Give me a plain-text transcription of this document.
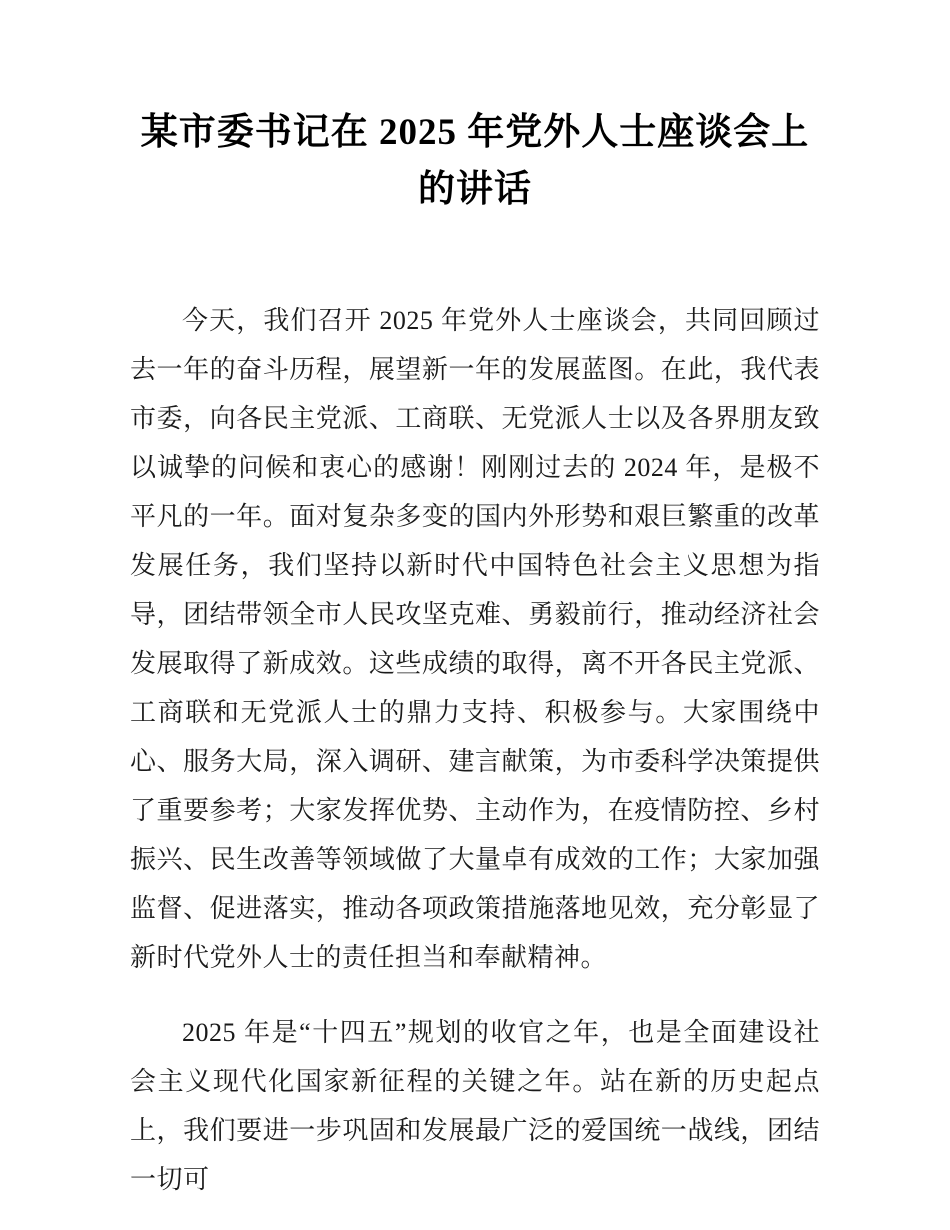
某市委书记在 2025 年党外人士座谈会上的讲话

今天，我们召开 2025 年党外人士座谈会，共同回顾过去一年的奋斗历程，展望新一年的发展蓝图。在此，我代表市委，向各民主党派、工商联、无党派人士以及各界朋友致以诚挚的问候和衷心的感谢！刚刚过去的 2024 年，是极不平凡的一年。面对复杂多变的国内外形势和艰巨繁重的改革发展任务，我们坚持以新时代中国特色社会主义思想为指导，团结带领全市人民攻坚克难、勇毅前行，推动经济社会发展取得了新成效。这些成绩的取得，离不开各民主党派、工商联和无党派人士的鼎力支持、积极参与。大家围绕中心、服务大局，深入调研、建言献策，为市委科学决策提供了重要参考；大家发挥优势、主动作为，在疫情防控、乡村振兴、民生改善等领域做了大量卓有成效的工作；大家加强监督、促进落实，推动各项政策措施落地见效，充分彰显了新时代党外人士的责任担当和奉献精神。

2025 年是“十四五”规划的收官之年，也是全面建设社会主义现代化国家新征程的关键之年。站在新的历史起点上，我们要进一步巩固和发展最广泛的爱国统一战线，团结一切可
